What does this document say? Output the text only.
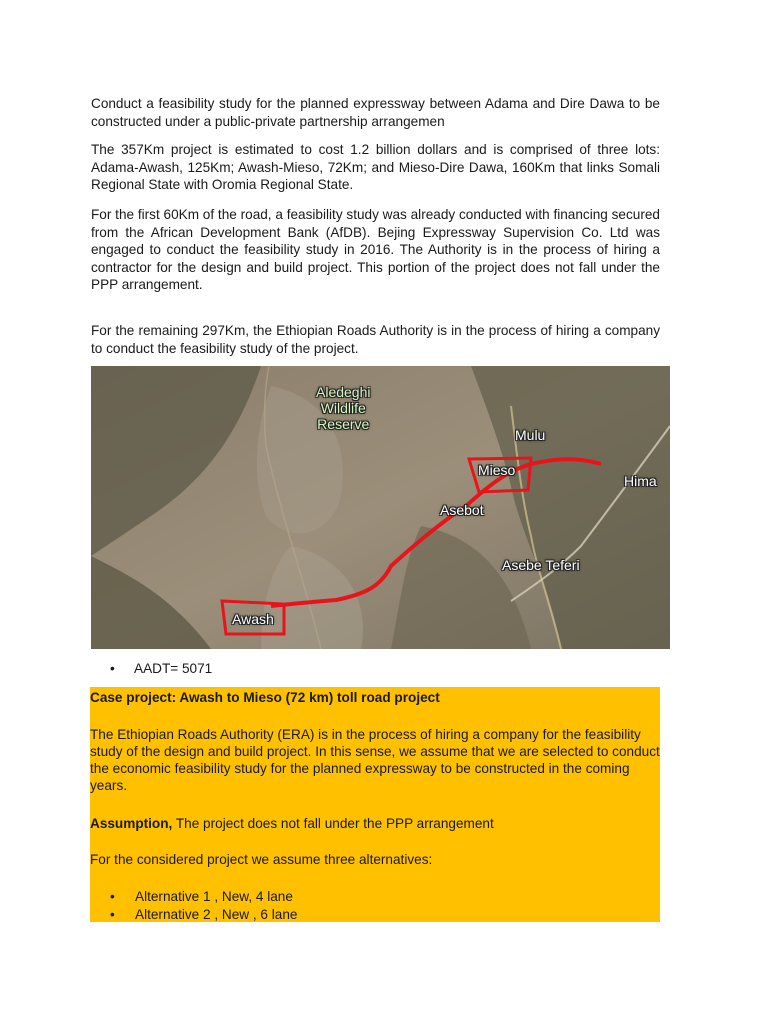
Conduct a feasibility study for the planned expressway between Adama and Dire Dawa to be constructed under a public-private partnership arrangemen

The 357Km project is estimated to cost 1.2 billion dollars and is comprised of three lots: Adama-Awash, 125Km; Awash-Mieso, 72Km; and Mieso-Dire Dawa, 160Km that links Somali Regional State with Oromia Regional State.

For the first 60Km of the road, a feasibility study was already conducted with financing secured from the African Development Bank (AfDB). Bejing Expressway Supervision Co. Ltd was engaged to conduct the feasibility study in 2016. The Authority is in the process of hiring a contractor for the design and build project. This portion of the project does not fall under the PPP arrangement.

For the remaining 297Km, the Ethiopian Roads Authority is in the process of hiring a company to conduct the feasibility study of the project.

Aledeghi
Wildlife
Reserve
Mulu
Mieso
Hima
Asebot
Asebe Teferi
Awash
• AADT= 5071

Case project: Awash to Mieso (72 km) toll road project

The Ethiopian Roads Authority (ERA) is in the process of hiring a company for the feasibility study of the design and build project. In this sense, we assume that we are selected to conduct the economic feasibility study for the planned expressway to be constructed in the coming years.

Assumption, The project does not fall under the PPP arrangement

For the considered project we assume three alternatives:

• Alternative 1 , New, 4 lane
• Alternative 2 , New , 6 lane
